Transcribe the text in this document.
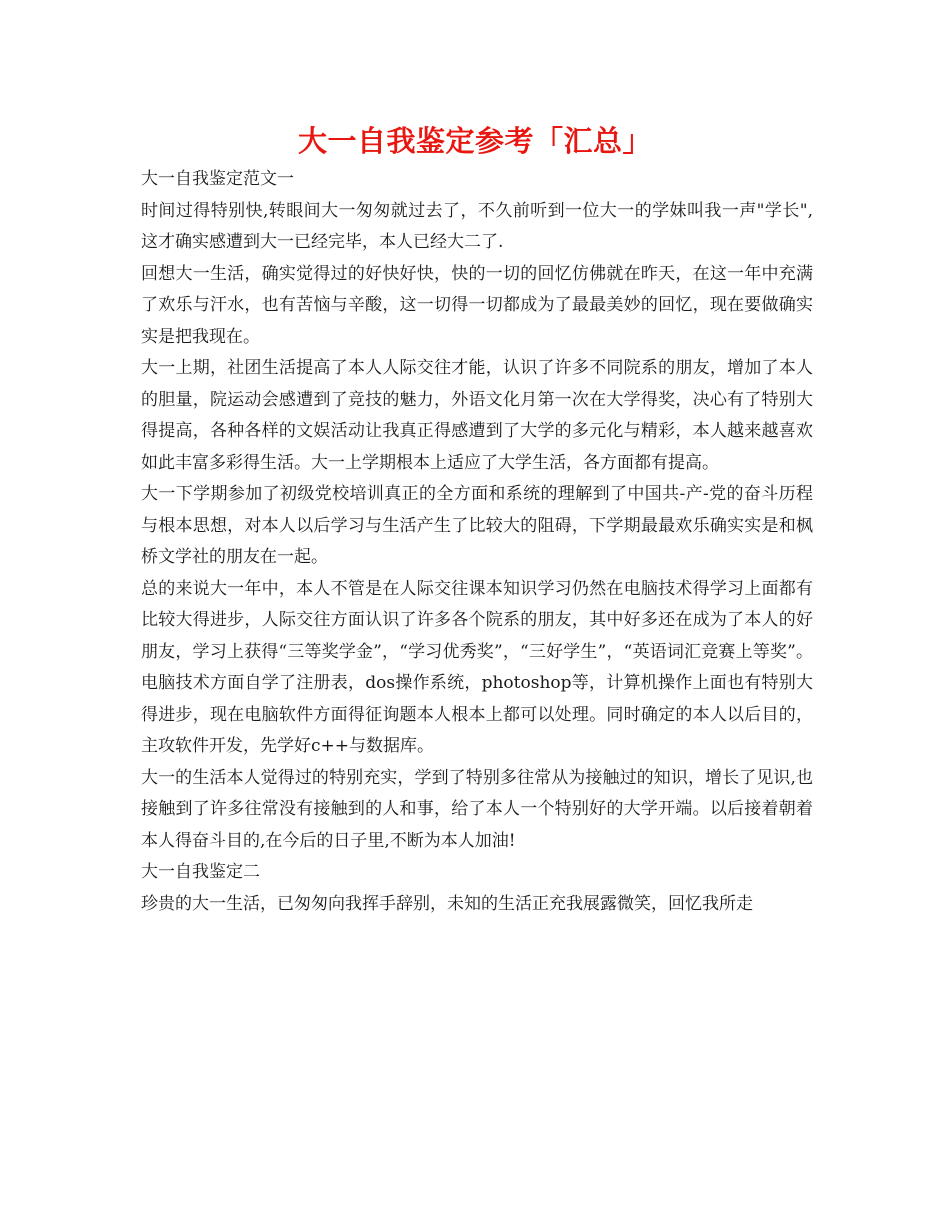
大一自我鉴定参考「汇总」

大一自我鉴定范文一

时间过得特别快,转眼间大一匆匆就过去了，不久前听到一位大一的学妹叫我一声"学长",这才确实感遭到大一已经完毕，本人已经大二了.

回想大一生活，确实觉得过的好快好快，快的一切的回忆仿佛就在昨天，在这一年中充满了欢乐与汗水，也有苦恼与辛酸，这一切得一切都成为了最最美妙的回忆，现在要做确实实是把我现在。

大一上期，社团生活提高了本人人际交往才能，认识了许多不同院系的朋友，增加了本人的胆量，院运动会感遭到了竞技的魅力，外语文化月第一次在大学得奖，决心有了特别大得提高，各种各样的文娱活动让我真正得感遭到了大学的多元化与精彩，本人越来越喜欢如此丰富多彩得生活。大一上学期根本上适应了大学生活，各方面都有提高。

大一下学期参加了初级党校培训真正的全方面和系统的理解到了中国共-产-党的奋斗历程与根本思想，对本人以后学习与生活产生了比较大的阻碍，下学期最最欢乐确实实是和枫桥文学社的朋友在一起。

总的来说大一年中，本人不管是在人际交往课本知识学习仍然在电脑技术得学习上面都有比较大得进步，人际交往方面认识了许多各个院系的朋友，其中好多还在成为了本人的好朋友，学习上获得“三等奖学金”，“学习优秀奖”，“三好学生”，“英语词汇竞赛上等奖”。电脑技术方面自学了注册表，dos操作系统，photoshop等，计算机操作上面也有特别大得进步，现在电脑软件方面得征询题本人根本上都可以处理。同时确定的本人以后目的，主攻软件开发，先学好c++与数据库。

大一的生活本人觉得过的特别充实，学到了特别多往常从为接触过的知识，增长了见识,也接触到了许多往常没有接触到的人和事，给了本人一个特别好的大学开端。以后接着朝着本人得奋斗目的,在今后的日子里,不断为本人加油!

大一自我鉴定二

珍贵的大一生活，已匆匆向我挥手辞别，未知的生活正充我展露微笑，回忆我所走
